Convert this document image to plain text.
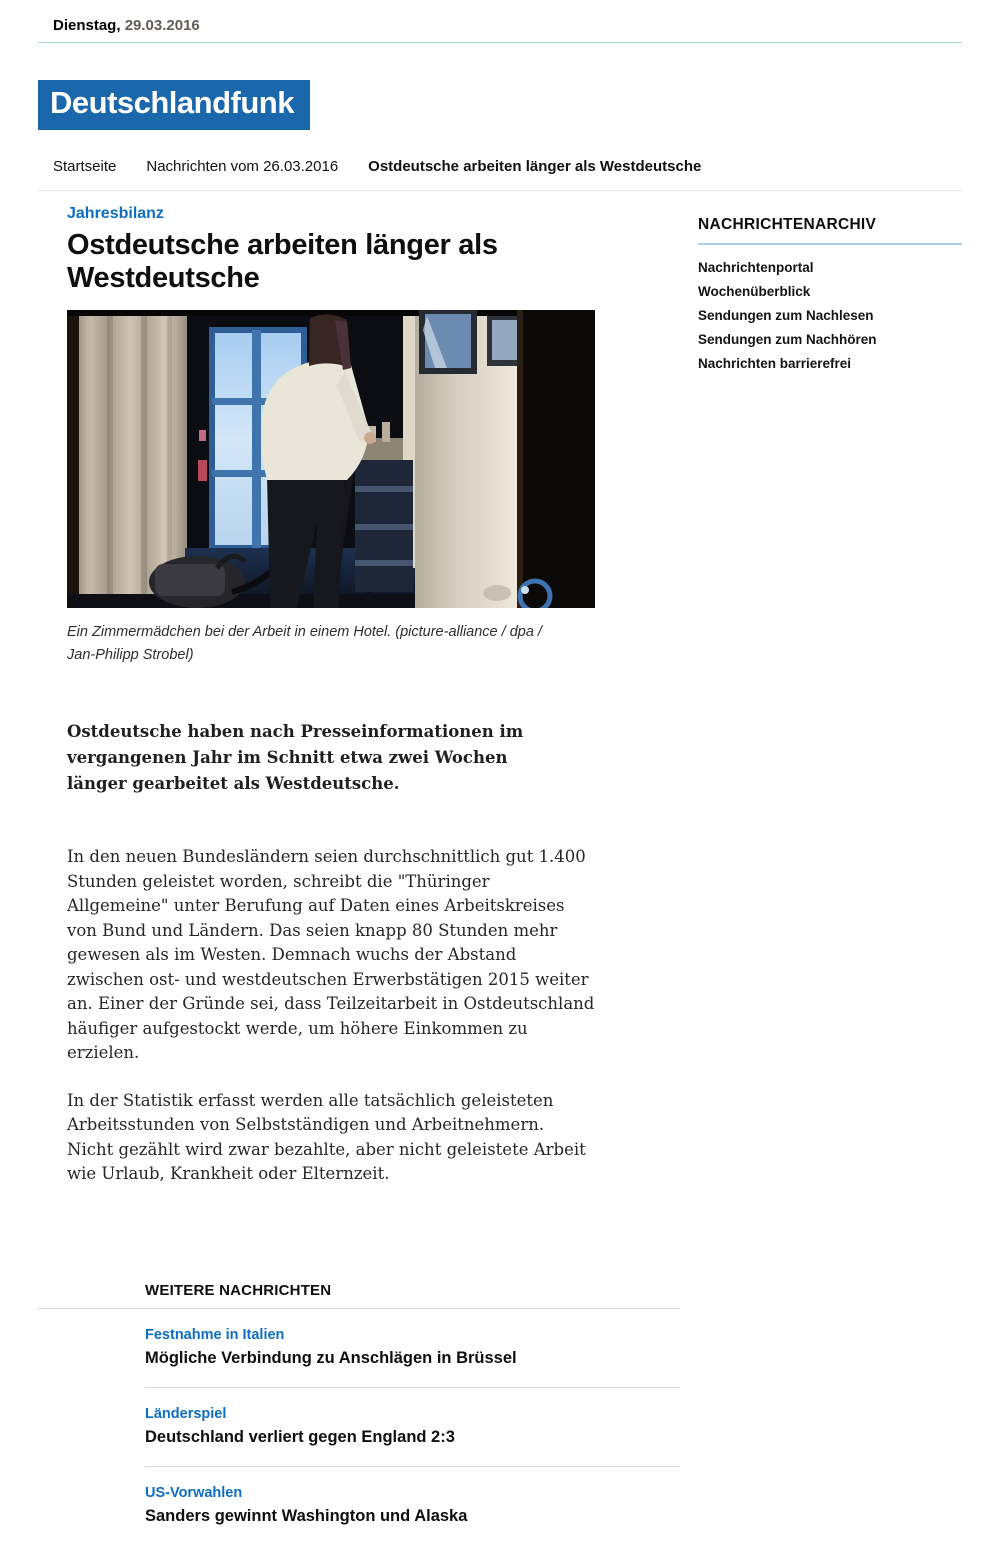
Dienstag, 29.03.2016
Deutschlandfunk
Startseite Nachrichten vom 26.03.2016 Ostdeutsche arbeiten länger als Westdeutsche
Jahresbilanz
Ostdeutsche arbeiten länger als Westdeutsche
Ein Zimmermädchen bei der Arbeit in einem Hotel. (picture-alliance / dpa / Jan-Philipp Strobel)
Ostdeutsche haben nach Presseinformationen im vergangenen Jahr im Schnitt etwa zwei Wochen länger gearbeitet als Westdeutsche.

In den neuen Bundesländern seien durchschnittlich gut 1.400 Stunden geleistet worden, schreibt die "Thüringer Allgemeine" unter Berufung auf Daten eines Arbeitskreises von Bund und Ländern. Das seien knapp 80 Stunden mehr gewesen als im Westen. Demnach wuchs der Abstand zwischen ost- und westdeutschen Erwerbstätigen 2015 weiter an. Einer der Gründe sei, dass Teilzeitarbeit in Ostdeutschland häufiger aufgestockt werde, um höhere Einkommen zu erzielen.

In der Statistik erfasst werden alle tatsächlich geleisteten Arbeitsstunden von Selbstständigen und Arbeitnehmern. Nicht gezählt wird zwar bezahlte, aber nicht geleistete Arbeit wie Urlaub, Krankheit oder Elternzeit.

NACHRICHTENARCHIV
Nachrichtenportal
Wochenüberblick
Sendungen zum Nachlesen
Sendungen zum Nachhören
Nachrichten barrierefrei
WEITERE NACHRICHTEN
Festnahme in Italien
Mögliche Verbindung zu Anschlägen in Brüssel
Länderspiel
Deutschland verliert gegen England 2:3
US-Vorwahlen
Sanders gewinnt Washington und Alaska
